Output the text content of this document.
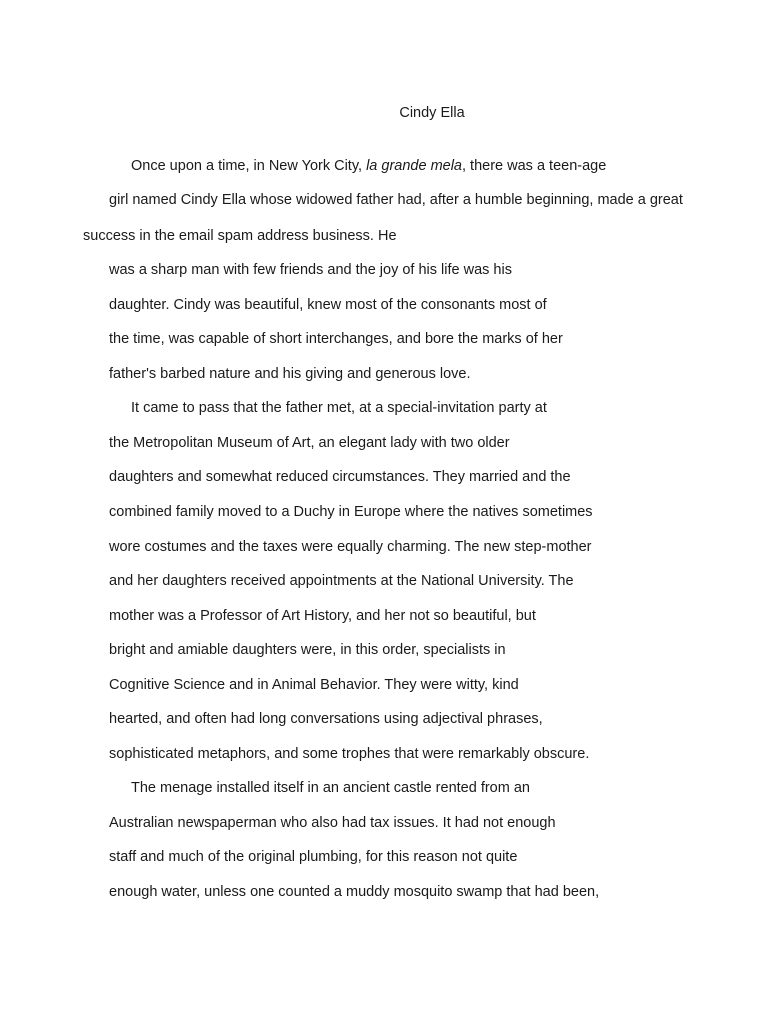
Cindy Ella
Once upon a time, in New York City, la grande mela, there was a teen-age
girl named Cindy Ella whose widowed father had, after a humble beginning, made a great
success in the email spam address business. He
was a sharp man with few friends and the joy of his life was his
daughter. Cindy was beautiful, knew most of the consonants most of
the time, was capable of short interchanges, and bore the marks of her
father's barbed nature and his giving and generous love.
It came to pass that the father met, at a special-invitation party at
the Metropolitan Museum of Art, an elegant lady with two older
daughters and somewhat reduced circumstances. They married and the
combined family moved to a Duchy in Europe where the natives sometimes
wore costumes and the taxes were equally charming. The new step-mother
and her daughters received appointments at the National University. The
mother was a Professor of Art History, and her not so beautiful, but
bright and amiable daughters were, in this order, specialists in
Cognitive Science and in Animal Behavior. They were witty, kind
hearted, and often had long conversations using adjectival phrases,
sophisticated metaphors, and some trophes that were remarkably obscure.
The menage installed itself in an ancient castle rented from an
Australian newspaperman who also had tax issues. It had not enough
staff and much of the original plumbing, for this reason not quite
enough water, unless one counted a muddy mosquito swamp that had been,
